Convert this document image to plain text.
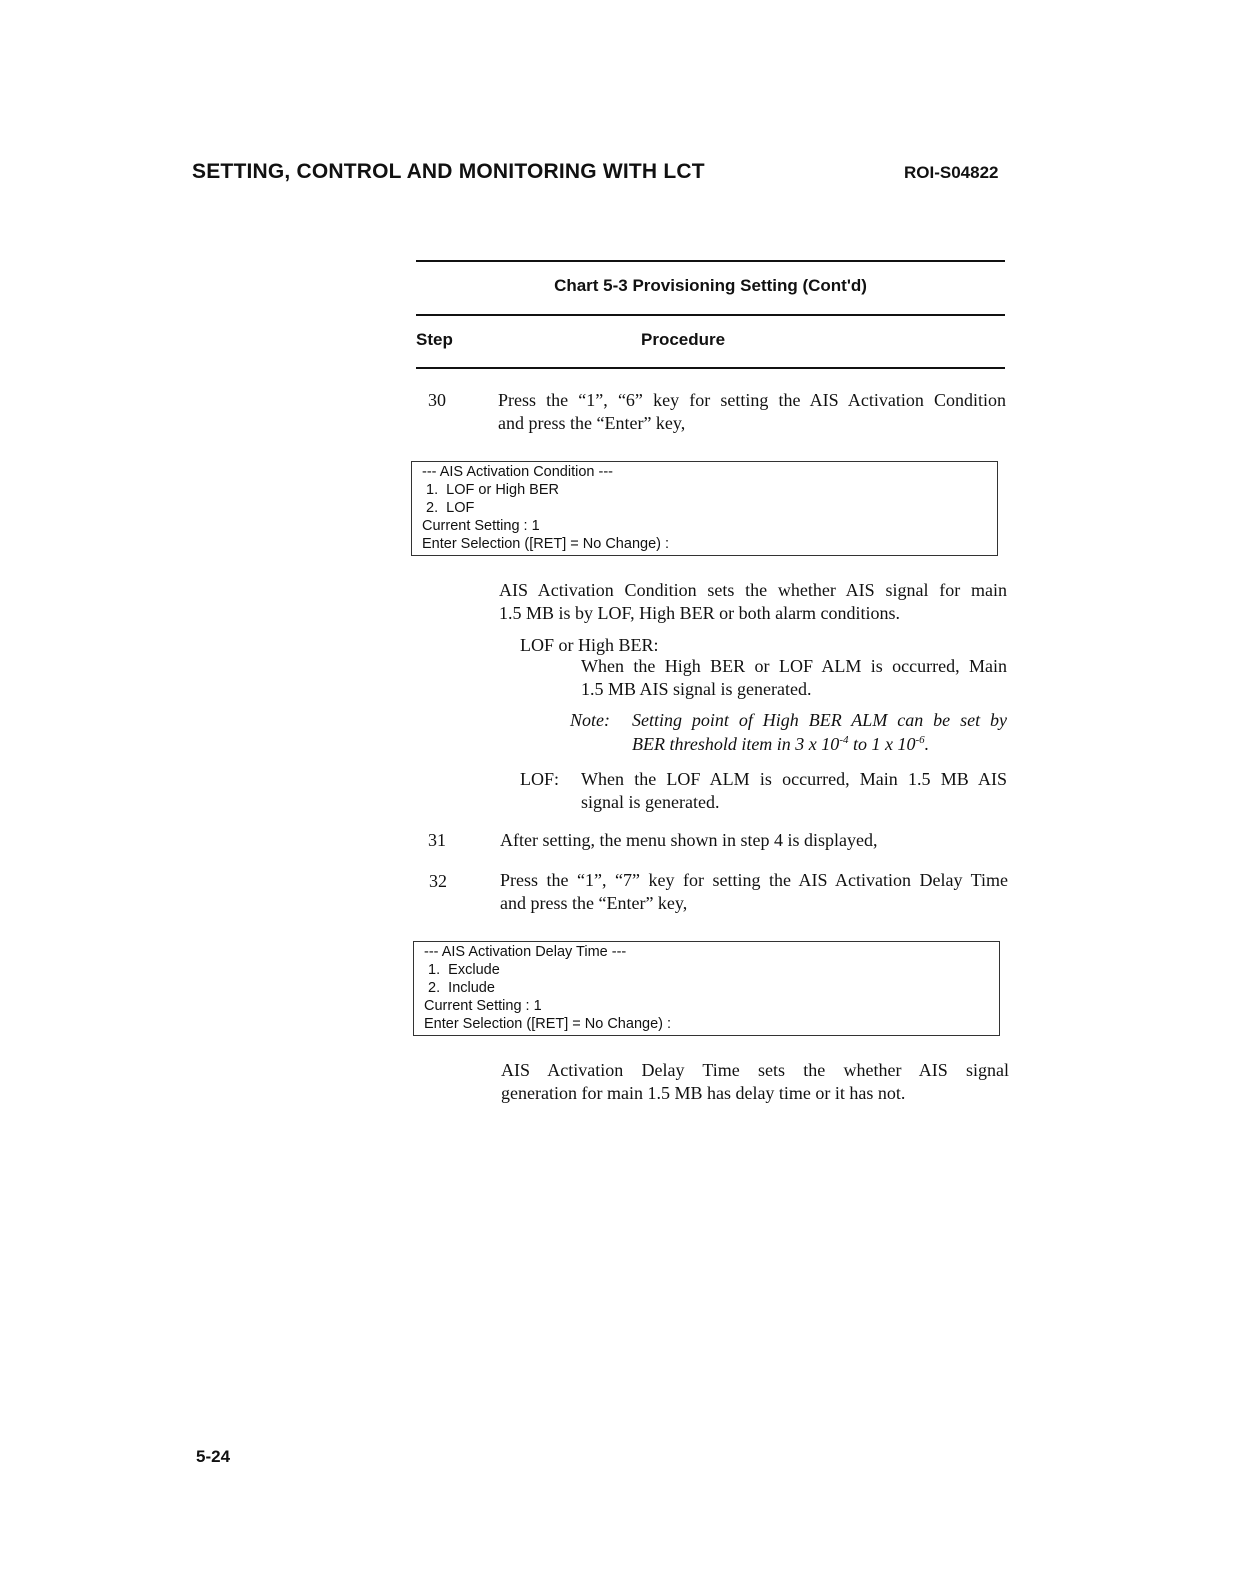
SETTING, CONTROL AND MONITORING WITH LCT	ROI-S04822
Chart 5-3 Provisioning Setting (Cont'd)
Step	Procedure
30	Press the “1”, “6” key for setting the AIS Activation Condition
and press the “Enter” key,
--- AIS Activation Condition ---
1.  LOF or High BER
2.  LOF
Current Setting : 1
Enter Selection ([RET] = No Change) :
AIS Activation Condition sets the whether AIS signal for main
1.5 MB is by LOF, High BER or both alarm conditions.
LOF or High BER:
When the High BER or LOF ALM is occurred, Main
1.5 MB AIS signal is generated.
Note: Setting point of High BER ALM can be set by
BER threshold item in 3 x $10^{-4}$ to 1 x $10^{-6}$.
LOF: When the LOF ALM is occurred, Main 1.5 MB AIS
signal is generated.
31	After setting, the menu shown in step 4 is displayed,
32	Press the “1”, “7” key for setting the AIS Activation Delay Time
and press the “Enter” key,
--- AIS Activation Delay Time ---
1.  Exclude
2.  Include
Current Setting : 1
Enter Selection ([RET] = No Change) :
AIS Activation Delay Time sets the whether AIS signal
generation for main 1.5 MB has delay time or it has not.
5-24
